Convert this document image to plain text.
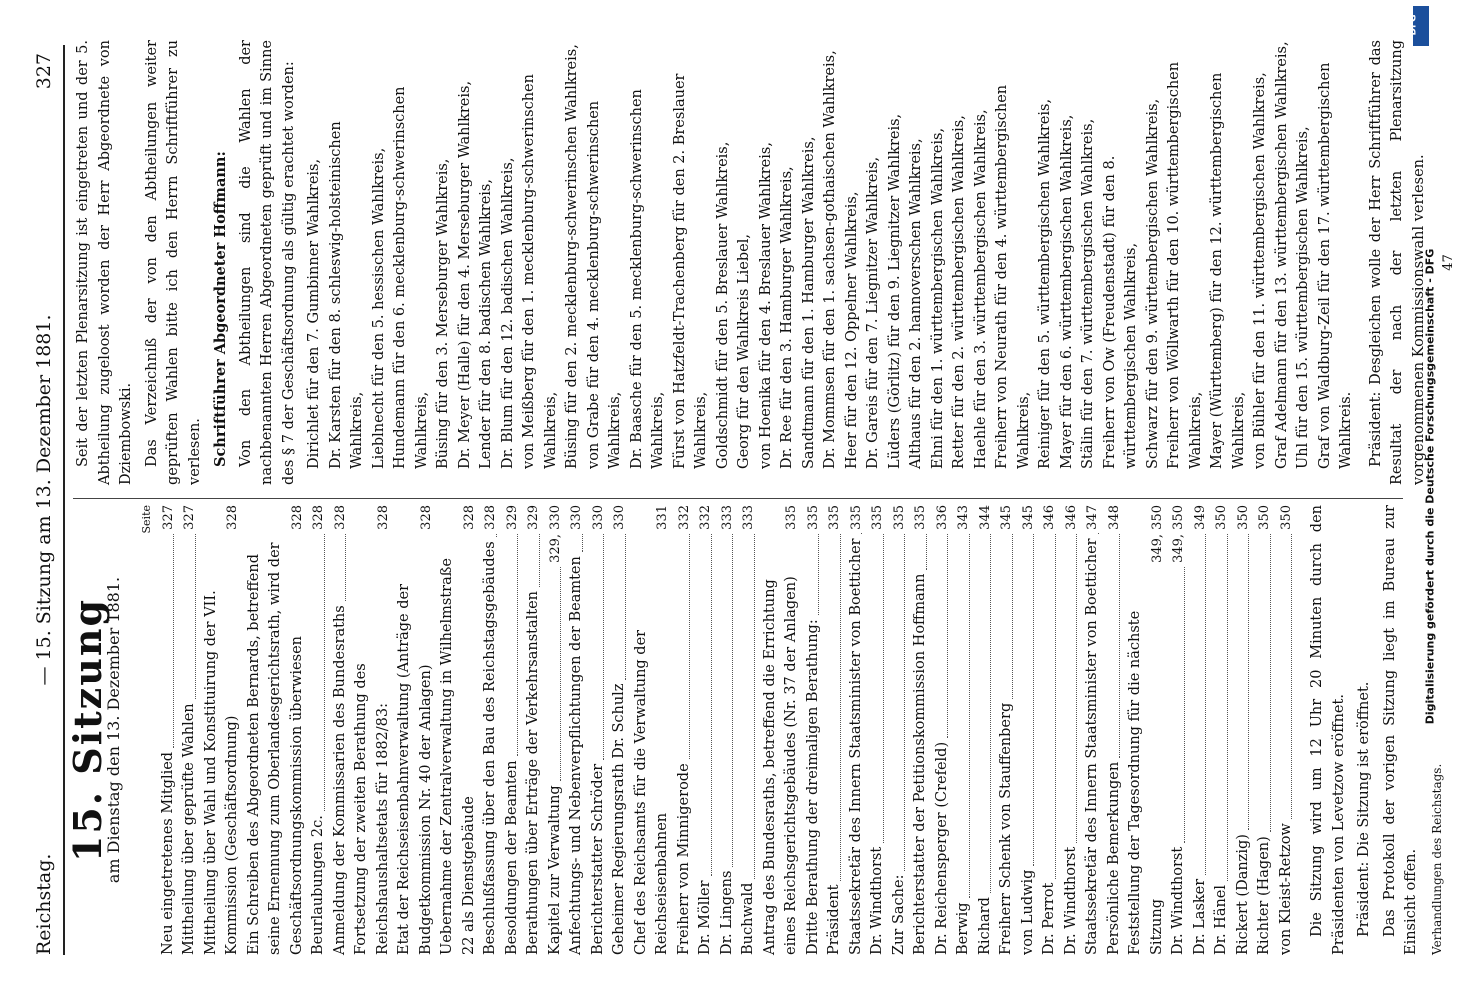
Reichstag.
— 15. Sitzung am 13. Dezember 1881.
327
15. Sitzung
am Dienstag den 13. Dezember 1881.
Seite
Neu eingetretenes Mitglied
327
Mittheilung über geprüfte Wahlen
327
Mittheilung über Wahl und Konstituirung der VII. Kommission (Geschäftsordnung)
328
Ein Schreiben des Abgeordneten Bernards, betreffend seine Ernennung zum Oberlandesgerichtsrath, wird der Geschäftsordnungskommission überwiesen
328
Beurlaubungen 2c.
328
Anmeldung der Kommissarien des Bundesraths
328
Fortsetzung der zweiten Berathung des Reichshaushaltsetats für 1882/83:
328
Etat der Reichseisenbahnverwaltung (Anträge der Budgetkommission Nr. 40 der Anlagen)
328
Uebernahme der Zentralverwaltung in Wilhelmstraße 22 als Dienstgebäude
328
Beschlußfassung über den Bau des Reichstagsgebäudes
328
Besoldungen der Beamten
329
Berathungen über Erträge der Verkehrsanstalten
329
Kapitel zur Verwaltung
329, 330
Anfechtungs- und Nebenverpflichtungen der Beamten
330
Berichterstatter Schröder
330
Geheimer Regierungsrath Dr. Schulz
330
Chef des Reichsamts für die Verwaltung der Reichseisenbahnen
331
Freiherr von Minnigerode
332
Dr. Möller
332
Dr. Lingens
333
Buchwald
333
Antrag des Bundesraths, betreffend die Errichtung eines Reichsgerichtsgebäudes (Nr. 37 der Anlagen)
335
Dritte Berathung der dreimaligen Berathung:
335
Präsident
335
Staatssekretär des Innern Staatsminister von Boetticher
335
Dr. Windthorst
335
Zur Sache:
335
Berichterstatter der Petitionskommission Hoffmann
335
Dr. Reichensperger (Crefeld)
336
Berwig
343
Richard
344
Freiherr Schenk von Stauffenberg
345
von Ludwig
345
Dr. Perrot
346
Dr. Windthorst
346
Staatssekretär des Innern Staatsminister von Boetticher
347
Persönliche Bemerkungen
348
Feststellung der Tagesordnung für die nächste Sitzung
349, 350
Dr. Windthorst
349, 350
Dr. Lasker
349
Dr. Hänel
350
Rickert (Danzig)
350
Richter (Hagen)
350
von Kleist-Retzow
350 Die Sitzung wird um 12 Uhr 20 Minuten durch den Präsidenten von Levetzow eröffnet. Präsident: Die Sitzung ist eröffnet. Das Protokoll der vorigen Sitzung liegt im Bureau zur Einsicht offen. Verhandlungen des Reichstags.

Seit der letzten Plenarsitzung ist eingetreten und der 5. Abtheilung zugeloost worden der Herr Abgeordnete von Dziembowski. Das Verzeichniß der von den Abtheilungen weiter geprüften Wahlen bitte ich den Herrn Schriftführer zu verlesen. Schriftführer Abgeordneter Hoffmann: Von den Abtheilungen sind die Wahlen der nachbenannten Herren Abgeordneten geprüft und im Sinne des § 7 der Geschäftsordnung als gültig erachtet worden: Dirichlet für den 7. Gumbinner Wahlkreis, Dr. Karsten für den 8. schleswig-holsteinischen Wahlkreis, Lieblnecht für den 5. hessischen Wahlkreis, Hundemann für den 6. mecklenburg-schwerinschen Wahlkreis, Büsing für den 3. Merseburger Wahlkreis, Dr. Meyer (Halle) für den 4. Merseburger Wahlkreis, Lender für den 8. badischen Wahlkreis, Dr. Blum für den 12. badischen Wahlkreis, von Meißberg für den 1. mecklenburg-schwerinschen Wahlkreis, Büsing für den 2. mecklenburg-schwerinschen Wahlkreis, von Grabe für den 4. mecklenburg-schwerinschen Wahlkreis, Dr. Baasche für den 5. mecklenburg-schwerinschen Wahlkreis, Fürst von Hatzfeldt-Trachenberg für den 2. Breslauer Wahlkreis, Goldschmidt für den 5. Breslauer Wahlkreis, Georg für den Wahlkreis Liebel, von Hoenika für den 4. Breslauer Wahlkreis, Dr. Ree für den 3. Hamburger Wahlkreis, Sandtmann für den 1. Hamburger Wahlkreis, Dr. Mommsen für den 1. sachsen-gothaischen Wahlkreis, Heer für den 12. Oppelner Wahlkreis, Dr. Gareis für den 7. Liegnitzer Wahlkreis, Lüders (Görlitz) für den 9. Liegnitzer Wahlkreis, Althaus für den 2. hannoverschen Wahlkreis, Ehni für den 1. württembergischen Wahlkreis, Retter für den 2. württembergischen Wahlkreis, Haehle für den 3. württembergischen Wahlkreis, Freiherr von Neurath für den 4. württembergischen Wahlkreis, Reiniger für den 5. württembergischen Wahlkreis, Mayer für den 6. württembergischen Wahlkreis, Stälin für den 7. württembergischen Wahlkreis, Freiherr von Ow (Freudenstadt) für den 8. württembergischen Wahlkreis, Schwarz für den 9. württembergischen Wahlkreis, Freiherr von Wöllwarth für den 10. württembergischen Wahlkreis, Mayer (Württemberg) für den 12. württembergischen Wahlkreis, von Bühler für den 11. württembergischen Wahlkreis, Graf Adelmann für den 13. württembergischen Wahlkreis, Uhl für den 15. württembergischen Wahlkreis, Graf von Waldburg-Zeil für den 17. württembergischen Wahlkreis. Präsident: Desgleichen wolle der Herr Schriftführer das Resultat der nach der letzten Plenarsitzung vorgenommenen Kommissionswahl verlesen. 47
DFG
Digitalisierung gefördert durch die Deutsche Forschungsgemeinschaft - DFG
